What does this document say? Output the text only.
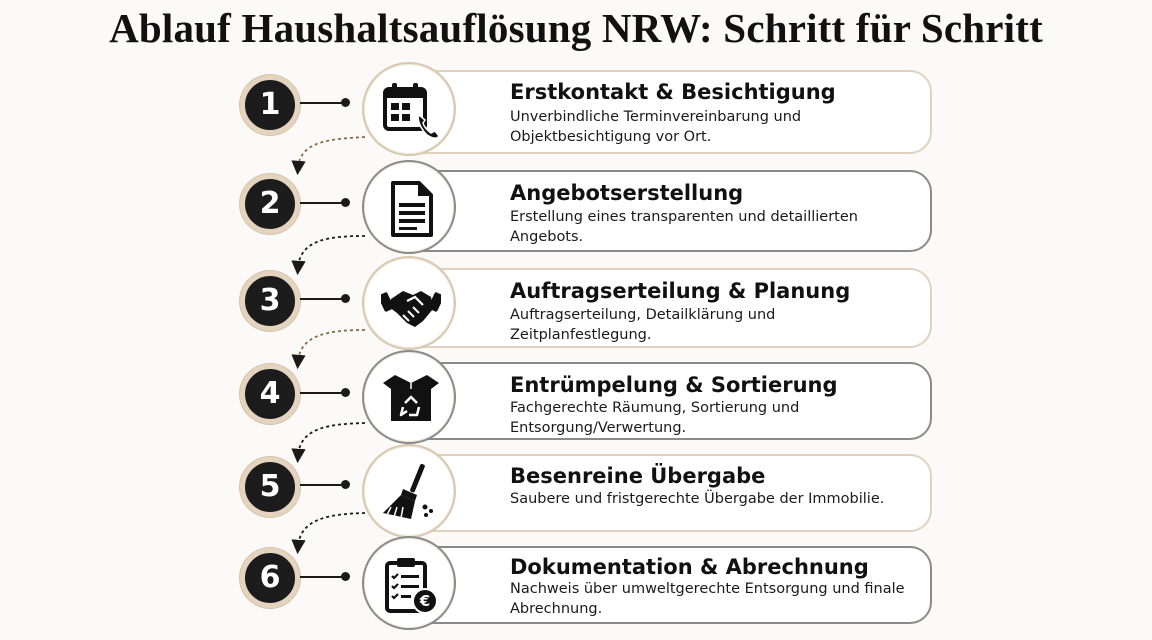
Ablauf Haushaltsauflösung NRW: Schritt für Schritt
1	Erstkontakt & Besichtigung
Unverbindliche Terminvereinbarung und Objektbesichtigung vor Ort.
2	Angebotserstellung
Erstellung eines transparenten und detaillierten Angebots.
3	Auftragserteilung & Planung
Auftragserteilung, Detailklärung und Zeitplanfestlegung.
4	Entrümpelung & Sortierung
Fachgerechte Räumung, Sortierung und Entsorgung/Verwertung.
5	Besenreine Übergabe
Saubere und fristgerechte Übergabe der Immobilie.
6
€
Dokumentation & Abrechnung
Nachweis über umweltgerechte Entsorgung und finale Abrechnung.
